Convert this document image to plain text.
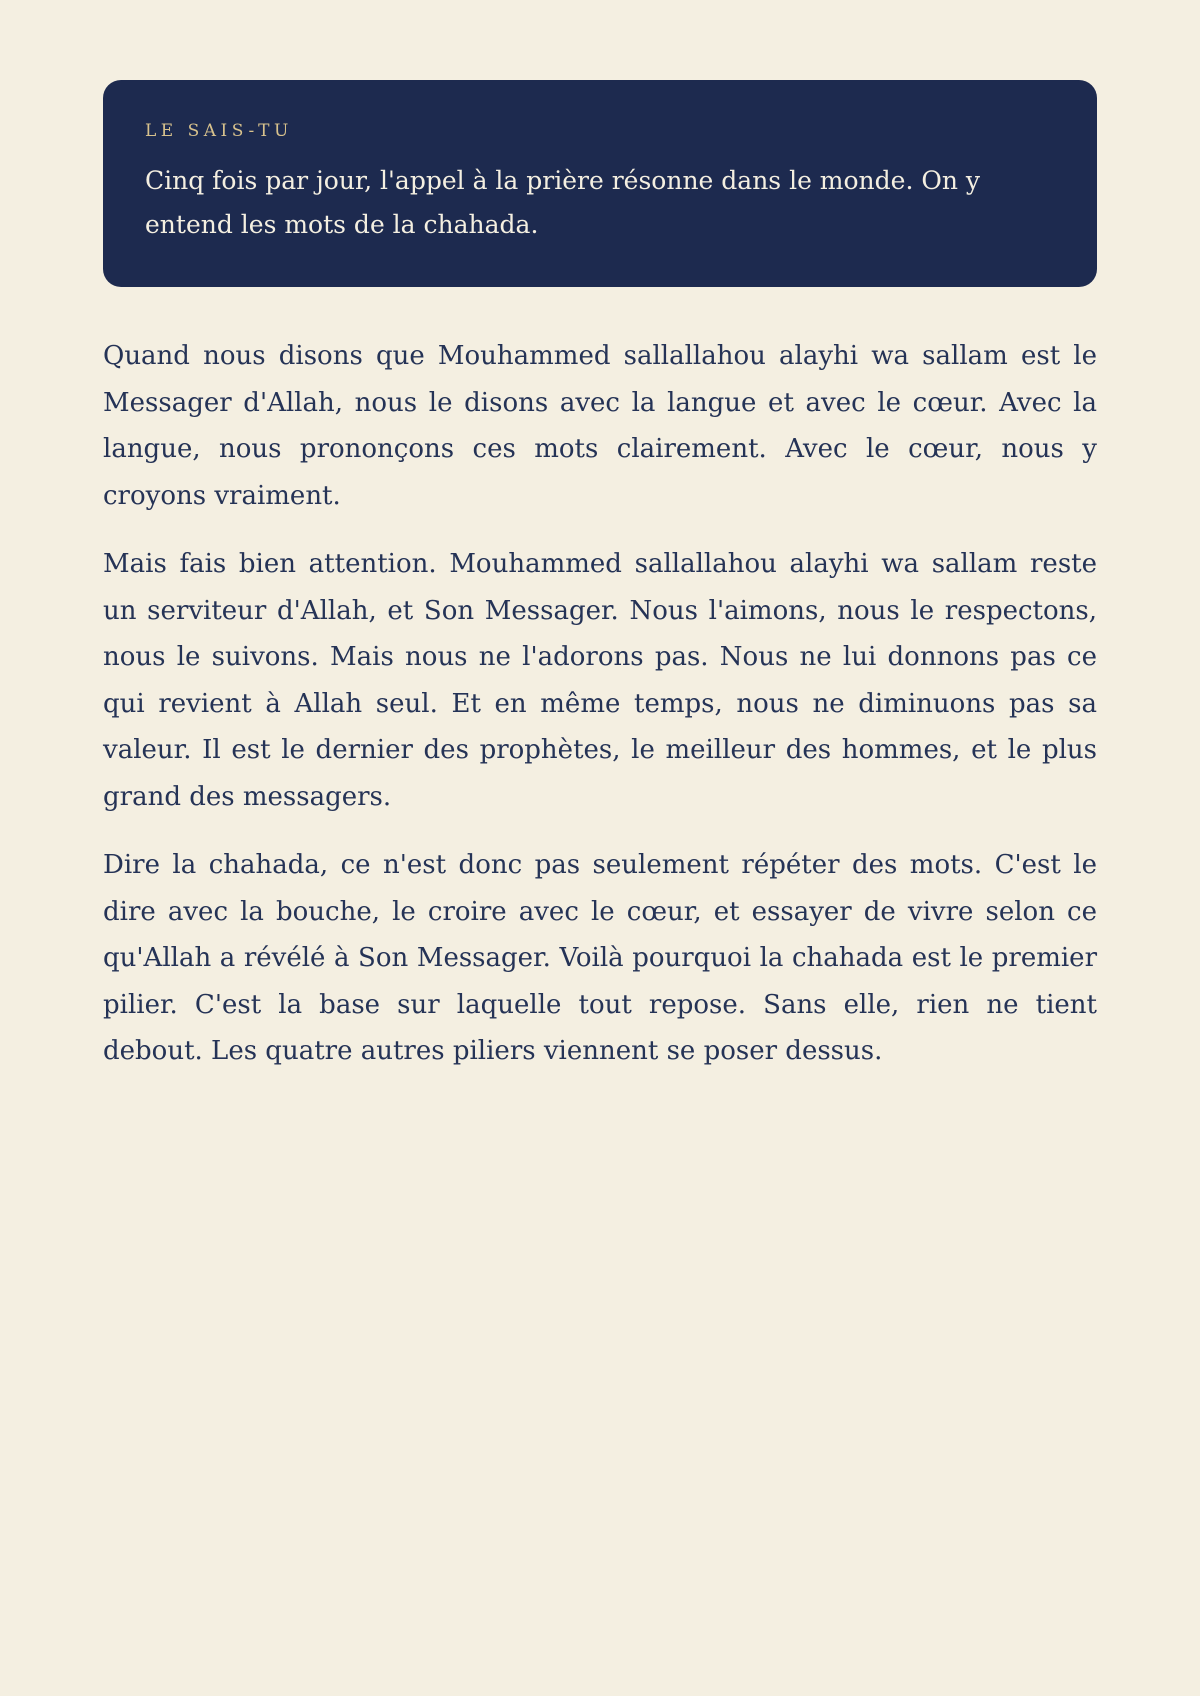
LE SAIS-TU

Cinq fois par jour, l'appel à la prière résonne dans le monde. On y entend les mots de la chahada.

Quand nous disons que Mouhammed sallallahou alayhi wa sallam est le Messager d'Allah, nous le disons avec la langue et avec le cœur. Avec la langue, nous prononçons ces mots clairement. Avec le cœur, nous y croyons vraiment.

Mais fais bien attention. Mouhammed sallallahou alayhi wa sallam reste un serviteur d'Allah, et Son Messager. Nous l'aimons, nous le respectons, nous le suivons. Mais nous ne l'adorons pas. Nous ne lui donnons pas ce qui revient à Allah seul. Et en même temps, nous ne diminuons pas sa valeur. Il est le dernier des prophètes, le meilleur des hommes, et le plus grand des messagers.

Dire la chahada, ce n'est donc pas seulement répéter des mots. C'est le dire avec la bouche, le croire avec le cœur, et essayer de vivre selon ce qu'Allah a révélé à Son Messager. Voilà pourquoi la chahada est le premier pilier. C'est la base sur laquelle tout repose. Sans elle, rien ne tient debout. Les quatre autres piliers viennent se poser dessus.
